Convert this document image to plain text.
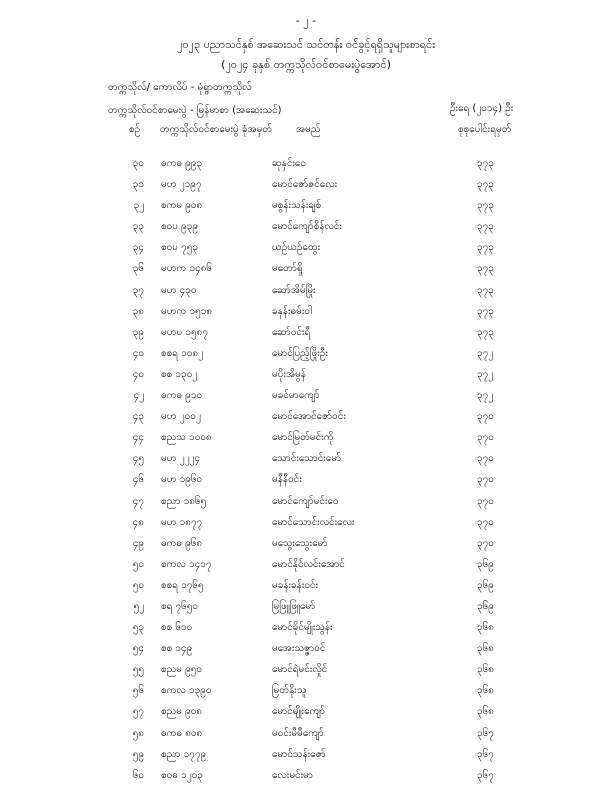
- ၂ -
၂၀၂၃ ပညာသင်နှစ် အဆေးသင် သင်တန်း ဝင်ခွင့်ရရှိသူများစာရင်း
(၂၀၂၄ ခုနှစ် တက္ကသိုလ်ဝင်စာမေးပွဲအောင်)
တက္ကသိုလ်/ ကောလိပ် - မုံရွာတက္ကသိုလ်
တက္ကသိုလ်ဝင်စာမေးပွဲ - မြန်မာစာ (အဆေးသင်)	ဦးရေ (၂၀၁၄) ဦး
စဉ်	တက္ကသိုလ်ဝင်စာမေးပွဲ ခုံအမှတ်	အမည်	စုစုပေါင်းရမှတ်
၃၀ ဓကဓ ၉၉၃	ဆုနှင်းဝေ	၃၇၃
၃၁ မဟ ၂၁၉၇	မောင်ဇော်ဇင်လေး	၃၇၃
၃၂ စကမ ၉၀၈	မစွန်းသန်းချစ်	၃၇၃
၃၃ စဝပ ၉၃၉	မောင်ကျော်စိန်လင်း	၃၇၃
၃၄ စဝပ ၇၅၃	ယဉ်ယဉ်ထွေး	၃၇၃
၃၆ မဟက ၁၄၈၆	မတော်ရှို	၃၇၃
၃၇ မဟ ၄၃၀	ဆော်အိမ်မြိုး	၃၇၃
၃၈ မဟက ၁၅၁၈	ခနုန်းဓမ်းဝါ	၃၇၃
၃၉ မဟပ ၁၅၈၇	ဆော်ဝင်းရီ	၃၇၃
၄၀ စစရ ၁၀၈၂	မောင်ပြည့်ဖြိုးဦး	၃၇၂
၄၀ စစ ၁၃၀၂	မပိုးအိမွန်	၃၇၂
၄၂ ဓကဓ ၉၁၀	မခင်မာကျော်	၃၇၂
၄၃ မဟ ၂၀၀၂	မောင်အောင်ဇော်ဝင်း	၃၇၀
၄၄ စညသ ၁၀၀၈	မောင်မြတ်မင်းကို	၃၇၀
၄၅ မဟ ၂၂၂၄	သောင်းသောင်းမော်	၃၇၀
၄၆ မဟ ၁၉၆၀	မနီနီဝင်း	၃၇၀
၄၇ စညာ ၁၈၆၅	မောင်ကျော်မင်းဝေ	၃၇၀
၄၈ မဟ ၁၈၇၇	မောင်သောင်းလင်းလေး	၃၇၀
၄၉ ဓကဓ ၉၆၈	မသွေးသွေးမော်	၃၇၀
၅၀ စကလ ၁၄၁၇	မောင်နိုင်လင်းအောင်	၃၆၉
၅၀ စစရ ၁၇၆၅	မခန်းခန်းဝင်း	၃၆၉
၅၂ စရ ၇၆၅၀	မြဖြူဖြူမော်	၃၆၉
၅၃ စစ ၆၁၀	မောင်ခိုင်မျိုးသွန်း	၃၆၈
၅၄ စစ ၁၄၉	မအေးသဇ္ဇာဝင်	၃၆၈
၅၅ စညမ ၉၅၀	မောင်ရဲမင်းလှိုင်	၃၆၈
၅၆ စကလ ၁၃၉၀	မြတ်နိုးသူ	၃၆၈
၅၇ စညမ ၉၀၈	မောင်မျိုးကျော်	၃၆၈
၅၈ ဓကဓ ၈၀၈	မဝင်းမီမီကျော်	၃၆၇
၅၉ စညာ ၁၇၇၉	မောင်သန်းဇော်	၃၆၇
၆၀ စဝဓ ၁၂၀၃	လေးမင်းမာ	၃၆၇
